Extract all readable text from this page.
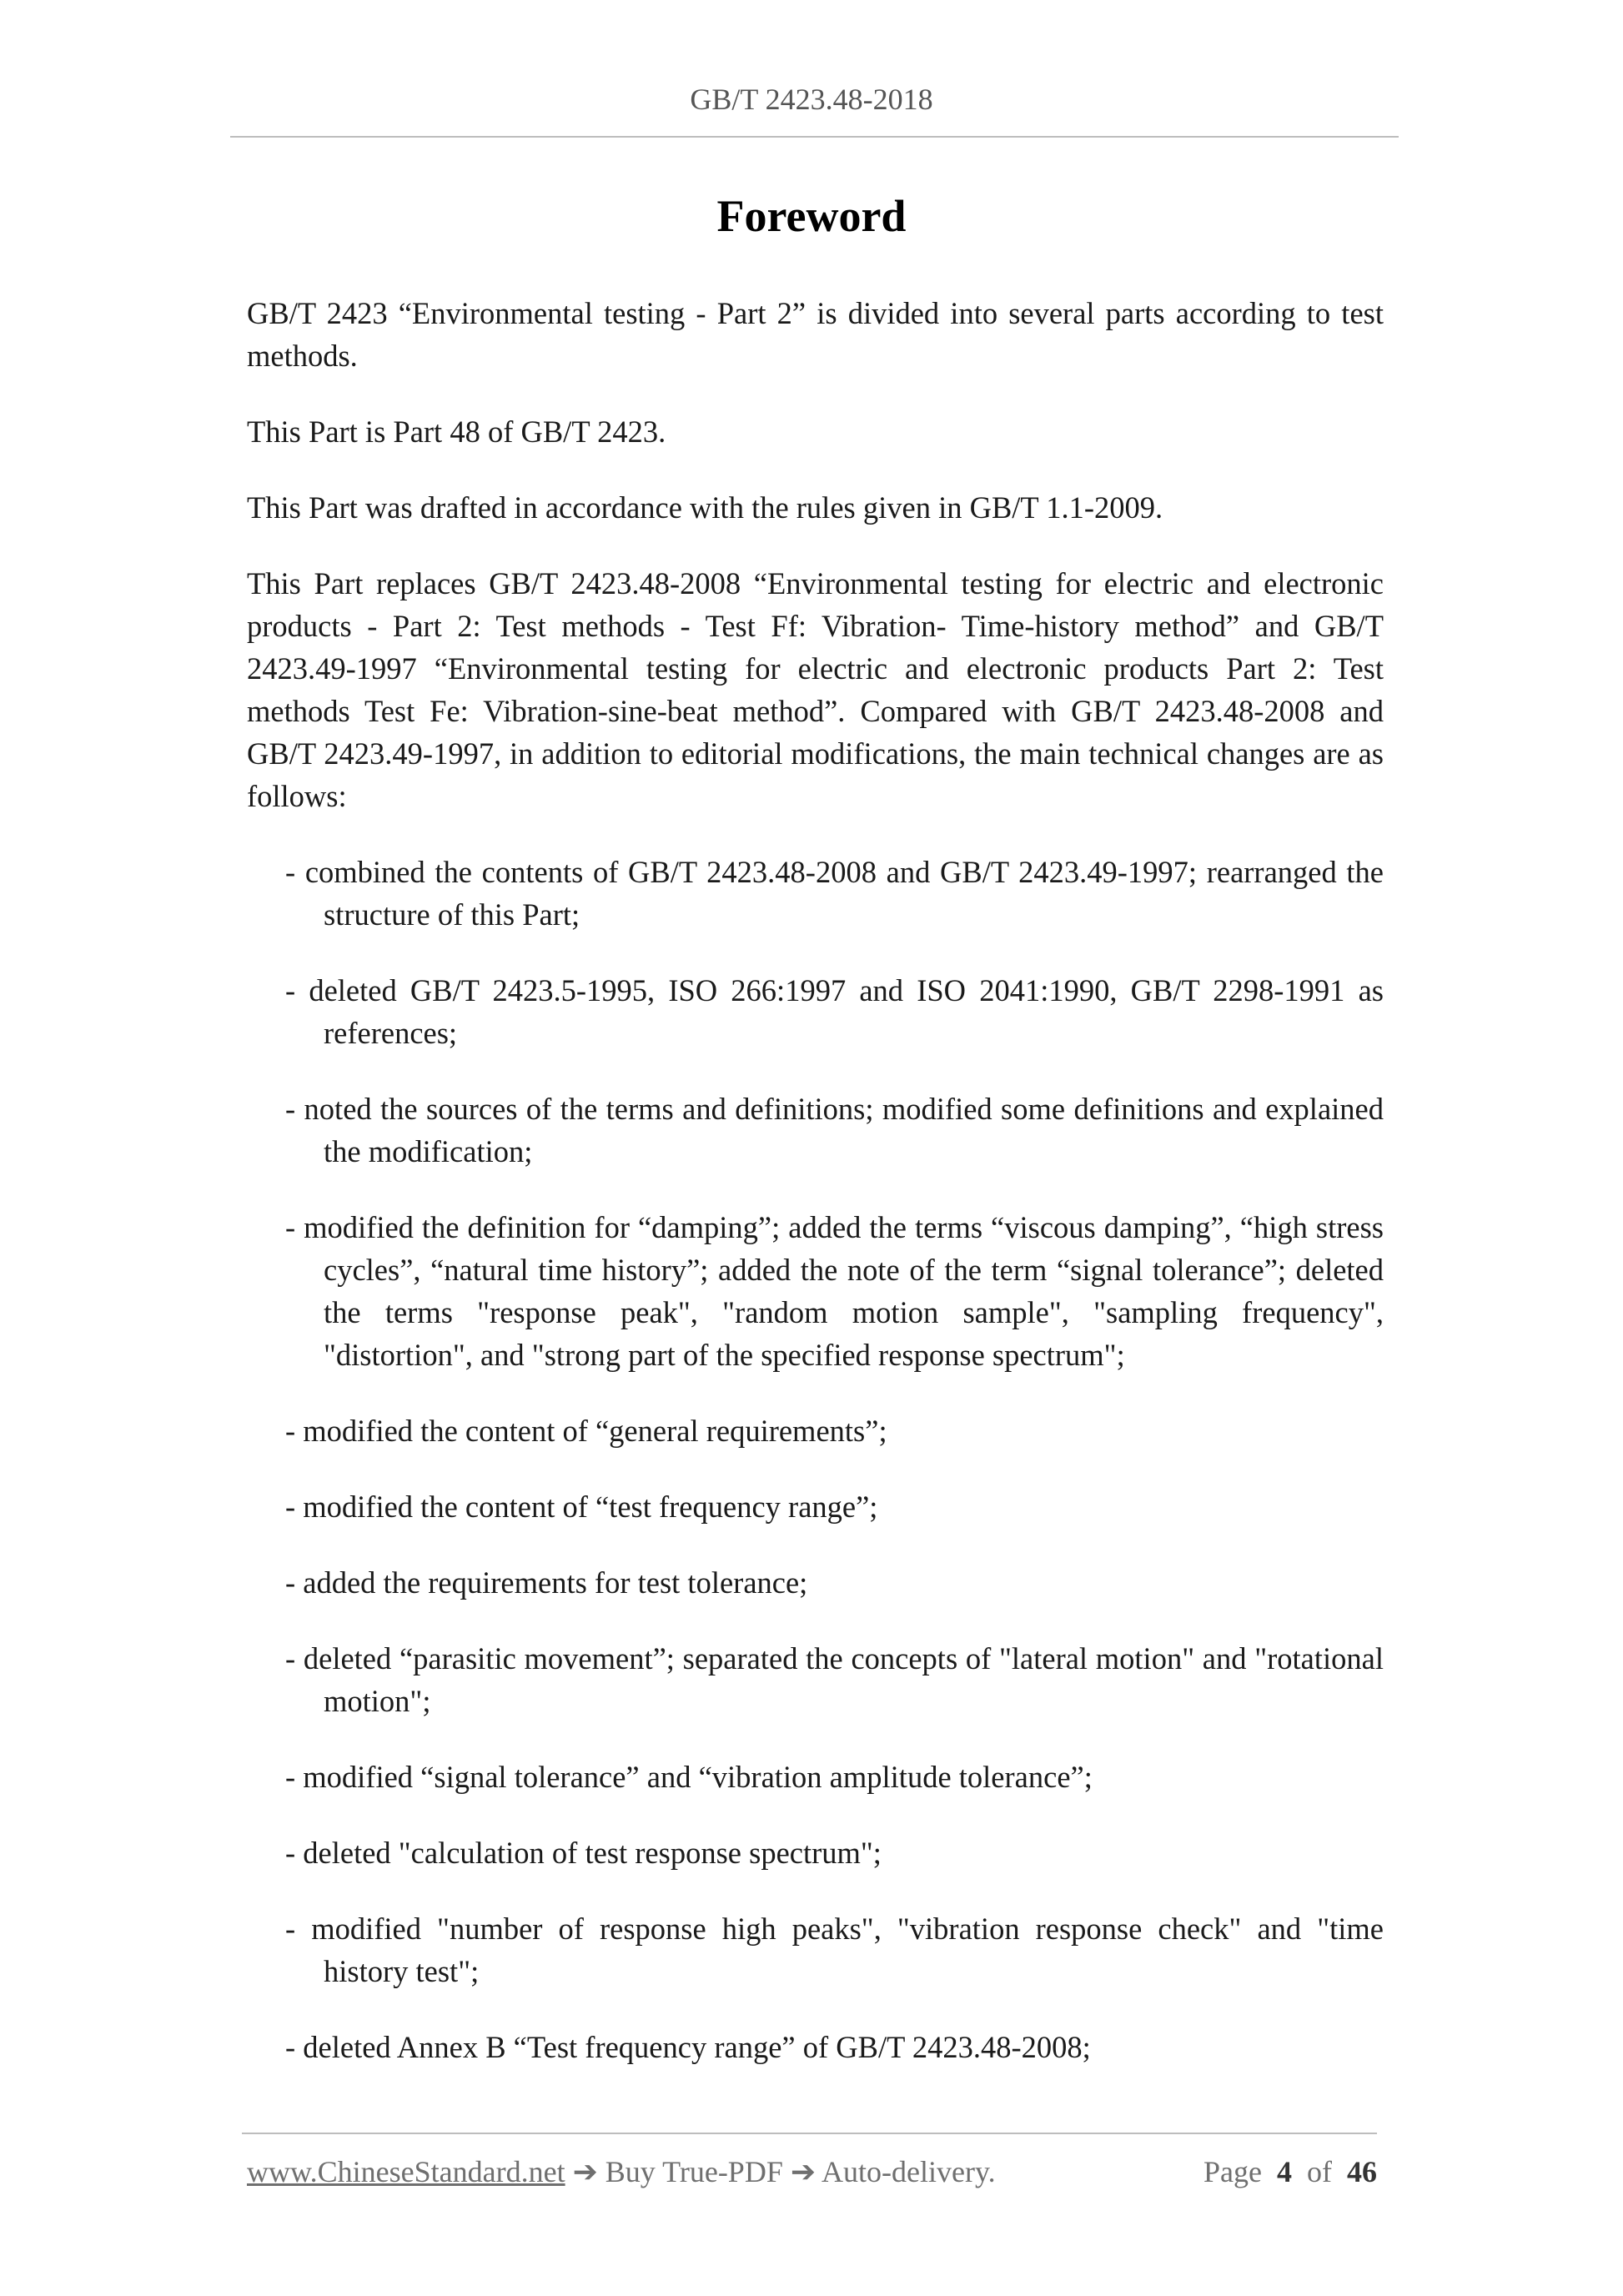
GB/T 2423.48-2018
Foreword

GB/T 2423 “Environmental testing - Part 2” is divided into several parts according to test methods.

This Part is Part 48 of GB/T 2423.

This Part was drafted in accordance with the rules given in GB/T 1.1-2009.

This Part replaces GB/T 2423.48-2008 “Environmental testing for electric and electronic products - Part 2: Test methods - Test Ff: Vibration- Time-history method” and GB/T 2423.49-1997 “Environmental testing for electric and electronic products Part 2: Test methods Test Fe: Vibration-sine-beat method”. Compared with GB/T 2423.48-2008 and GB/T 2423.49-1997, in addition to editorial modifications, the main technical changes are as follows:

- combined the contents of GB/T 2423.48-2008 and GB/T 2423.49-1997; rearranged the structure of this Part;

- deleted GB/T 2423.5-1995, ISO 266:1997 and ISO 2041:1990, GB/T 2298-1991 as references;

- noted the sources of the terms and definitions; modified some definitions and explained the modification;

- modified the definition for “damping”; added the terms “viscous damping”, “high stress cycles”, “natural time history”; added the note of the term “signal tolerance”; deleted the terms "response peak", "random motion sample", "sampling frequency", "distortion", and "strong part of the specified response spectrum";

- modified the content of “general requirements”;

- modified the content of “test frequency range”;

- added the requirements for test tolerance;

- deleted “parasitic movement”; separated the concepts of "lateral motion" and "rotational motion";

- modified “signal tolerance” and “vibration amplitude tolerance”;

- deleted "calculation of test response spectrum";

- modified "number of response high peaks", "vibration response check" and "time history test";

- deleted Annex B “Test frequency range” of GB/T 2423.48-2008;

www.ChineseStandard.net ➔ Buy True-PDF ➔ Auto-delivery.	Page 4 of 46
